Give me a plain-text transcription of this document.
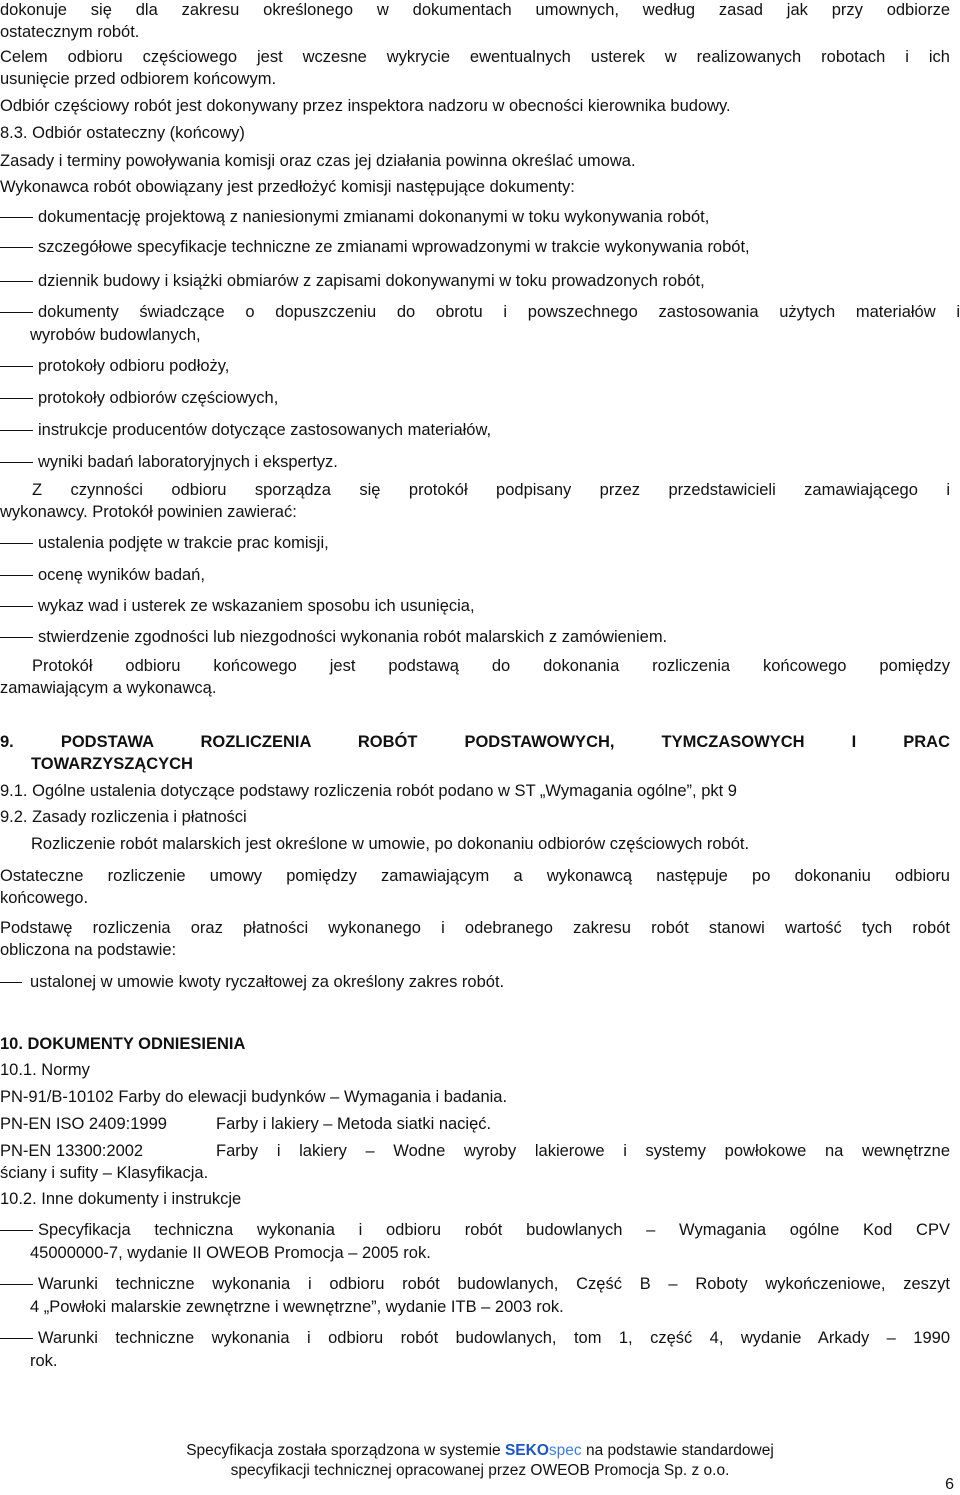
dokonuje się dla zakresu określonego w dokumentach umownych, według zasad jak przy odbiorze
ostatecznym robót.
Celem odbioru częściowego jest wczesne wykrycie ewentualnych usterek w realizowanych robotach i ich
usunięcie przed odbiorem końcowym.
Odbiór częściowy robót jest dokonywany przez inspektora nadzoru w obecności kierownika budowy.
8.3. Odbiór ostateczny (końcowy)
Zasady i terminy powoływania komisji oraz czas jej działania powinna określać umowa.
Wykonawca robót obowiązany jest przedłożyć komisji następujące dokumenty:
dokumentację projektową z naniesionymi zmianami dokonanymi w toku wykonywania robót,
szczegółowe specyfikacje techniczne ze zmianami wprowadzonymi w trakcie wykonywania robót,
dziennik budowy i książki obmiarów z zapisami dokonywanymi w toku prowadzonych robót,
dokumenty świadczące o dopuszczeniu do obrotu i powszechnego zastosowania użytych materiałów i
wyrobów budowlanych,
protokoły odbioru podłoży,
protokoły odbiorów częściowych,
instrukcje producentów dotyczące zastosowanych materiałów,
wyniki badań laboratoryjnych i ekspertyz.
Z czynności odbioru sporządza się protokół podpisany przez przedstawicieli zamawiającego i
wykonawcy. Protokół powinien zawierać:
ustalenia podjęte w trakcie prac komisji,
ocenę wyników badań,
wykaz wad i usterek ze wskazaniem sposobu ich usunięcia,
stwierdzenie zgodności lub niezgodności wykonania robót malarskich z zamówieniem.
Protokół odbioru końcowego jest podstawą do dokonania rozliczenia końcowego pomiędzy
zamawiającym a wykonawcą.
9. PODSTAWA ROZLICZENIA ROBÓT PODSTAWOWYCH, TYMCZASOWYCH I PRAC
TOWARZYSZĄCYCH
9.1. Ogólne ustalenia dotyczące podstawy rozliczenia robót podano w ST „Wymagania ogólne”, pkt 9
9.2. Zasady rozliczenia i płatności
Rozliczenie robót malarskich jest określone w umowie, po dokonaniu odbiorów częściowych robót.
Ostateczne rozliczenie umowy pomiędzy zamawiającym a wykonawcą następuje po dokonaniu odbioru
końcowego.
Podstawę rozliczenia oraz płatności wykonanego i odebranego zakresu robót stanowi wartość tych robót
obliczona na podstawie:
ustalonej w umowie kwoty ryczałtowej za określony zakres robót.
10. DOKUMENTY ODNIESIENIA
10.1. Normy
PN-91/B-10102 Farby do elewacji budynków – Wymagania i badania.
PN-EN ISO 2409:1999	Farby i lakiery – Metoda siatki nacięć.
PN-EN 13300:2002	Farby i lakiery – Wodne wyroby lakierowe i systemy powłokowe na wewnętrzne
ściany i sufity – Klasyfikacja.
10.2. Inne dokumenty i instrukcje
Specyfikacja techniczna wykonania i odbioru robót budowlanych – Wymagania ogólne Kod CPV
45000000-7, wydanie II OWEOB Promocja – 2005 rok.
Warunki techniczne wykonania i odbioru robót budowlanych, Część B – Roboty wykończeniowe, zeszyt
4 „Powłoki malarskie zewnętrzne i wewnętrzne”, wydanie ITB – 2003 rok.
Warunki techniczne wykonania i odbioru robót budowlanych, tom 1, część 4, wydanie Arkady – 1990
rok.
Specyfikacja została sporządzona w systemie SEKOspec na podstawie standardowej
specyfikacji technicznej opracowanej przez OWEOB Promocja Sp. z o.o.
6
